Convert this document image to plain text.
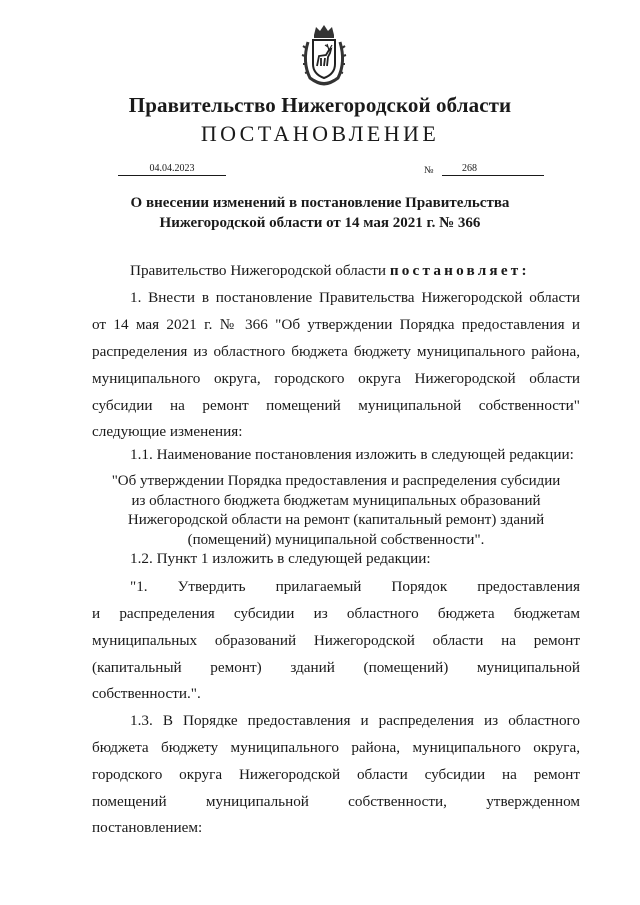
Правительство Нижегородской области
ПОСТАНОВЛЕНИЕ
04.04.2023	№	268
О внесении изменений в постановление Правительства
Нижегородской области от 14 мая 2021 г. № 366
Правительство Нижегородской области постановляет:
1. Внести в постановление Правительства Нижегородской области
от 14 мая 2021 г. № 366 "Об утверждении Порядка предоставления и
распределения из областного бюджета бюджету муниципального района,
муниципального округа, городского округа Нижегородской области
субсидии на ремонт помещений муниципальной собственности"
следующие изменения:
1.1. Наименование постановления изложить в следующей редакции:
"Об утверждении Порядка предоставления и распределения субсидии
из областного бюджета бюджетам муниципальных образований
Нижегородской области на ремонт (капитальный ремонт) зданий
(помещений) муниципальной собственности".
1.2. Пункт 1 изложить в следующей редакции:
"1. Утвердить прилагаемый Порядок предоставления
и распределения субсидии из областного бюджета бюджетам
муниципальных образований Нижегородской области на ремонт
(капитальный ремонт) зданий (помещений) муниципальной
собственности.".
1.3. В Порядке предоставления и распределения из областного
бюджета бюджету муниципального района, муниципального округа,
городского округа Нижегородской области субсидии на ремонт
помещений муниципальной собственности, утвержденном
постановлением:
